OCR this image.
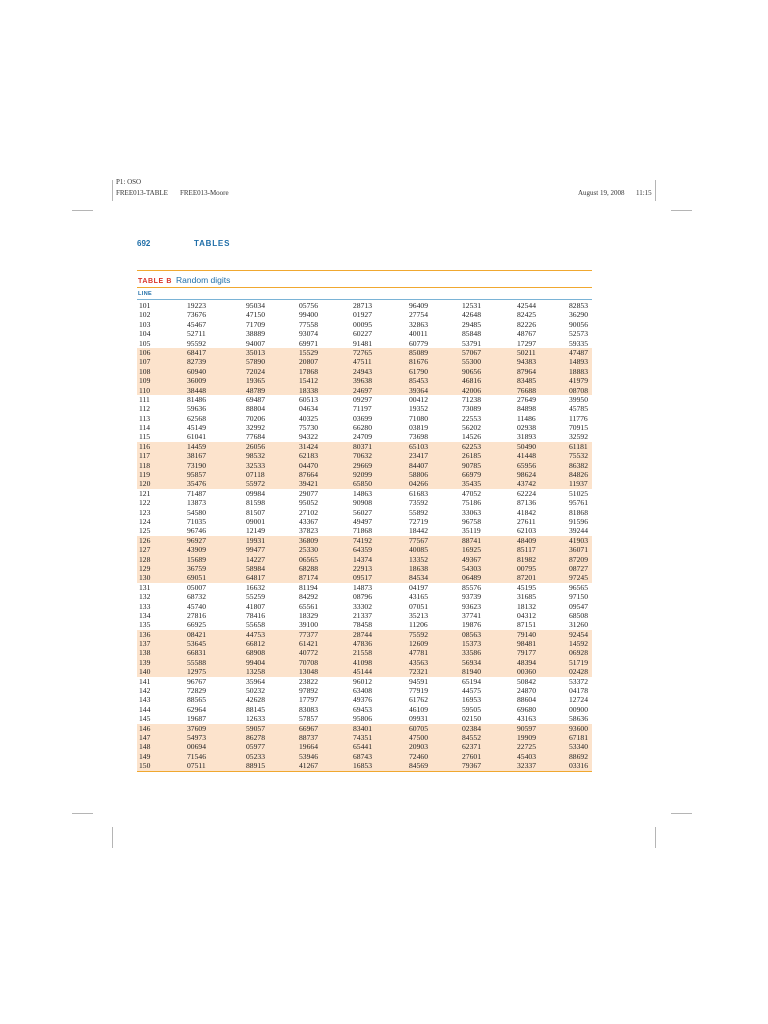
P1: OSO
FREE013-TABLE FREE013-Moore	August 19, 2008 11:15
692	TABLES
TABLE B Random digits
LINE
101	19223	95034	05756	28713	96409	12531	42544	82853
102	73676	47150	99400	01927	27754	42648	82425	36290
103	45467	71709	77558	00095	32863	29485	82226	90056
104	52711	38889	93074	60227	40011	85848	48767	52573
105	95592	94007	69971	91481	60779	53791	17297	59335
106	68417	35013	15529	72765	85089	57067	50211	47487
107	82739	57890	20807	47511	81676	55300	94383	14893
108	60940	72024	17868	24943	61790	90656	87964	18883
109	36009	19365	15412	39638	85453	46816	83485	41979
110	38448	48789	18338	24697	39364	42006	76688	08708
111	81486	69487	60513	09297	00412	71238	27649	39950
112	59636	88804	04634	71197	19352	73089	84898	45785
113	62568	70206	40325	03699	71080	22553	11486	11776
114	45149	32992	75730	66280	03819	56202	02938	70915
115	61041	77684	94322	24709	73698	14526	31893	32592
116	14459	26056	31424	80371	65103	62253	50490	61181
117	38167	98532	62183	70632	23417	26185	41448	75532
118	73190	32533	04470	29669	84407	90785	65956	86382
119	95857	07118	87664	92099	58806	66979	98624	84826
120	35476	55972	39421	65850	04266	35435	43742	11937
121	71487	09984	29077	14863	61683	47052	62224	51025
122	13873	81598	95052	90908	73592	75186	87136	95761
123	54580	81507	27102	56027	55892	33063	41842	81868
124	71035	09001	43367	49497	72719	96758	27611	91596
125	96746	12149	37823	71868	18442	35119	62103	39244
126	96927	19931	36809	74192	77567	88741	48409	41903
127	43909	99477	25330	64359	40085	16925	85117	36071
128	15689	14227	06565	14374	13352	49367	81982	87209
129	36759	58984	68288	22913	18638	54303	00795	08727
130	69051	64817	87174	09517	84534	06489	87201	97245
131	05007	16632	81194	14873	04197	85576	45195	96565
132	68732	55259	84292	08796	43165	93739	31685	97150
133	45740	41807	65561	33302	07051	93623	18132	09547
134	27816	78416	18329	21337	35213	37741	04312	68508
135	66925	55658	39100	78458	11206	19876	87151	31260
136	08421	44753	77377	28744	75592	08563	79140	92454
137	53645	66812	61421	47836	12609	15373	98481	14592
138	66831	68908	40772	21558	47781	33586	79177	06928
139	55588	99404	70708	41098	43563	56934	48394	51719
140	12975	13258	13048	45144	72321	81940	00360	02428
141	96767	35964	23822	96012	94591	65194	50842	53372
142	72829	50232	97892	63408	77919	44575	24870	04178
143	88565	42628	17797	49376	61762	16953	88604	12724
144	62964	88145	83083	69453	46109	59505	69680	00900
145	19687	12633	57857	95806	09931	02150	43163	58636
146	37609	59057	66967	83401	60705	02384	90597	93600
147	54973	86278	88737	74351	47500	84552	19909	67181
148	00694	05977	19664	65441	20903	62371	22725	53340
149	71546	05233	53946	68743	72460	27601	45403	88692
150	07511	88915	41267	16853	84569	79367	32337	03316
